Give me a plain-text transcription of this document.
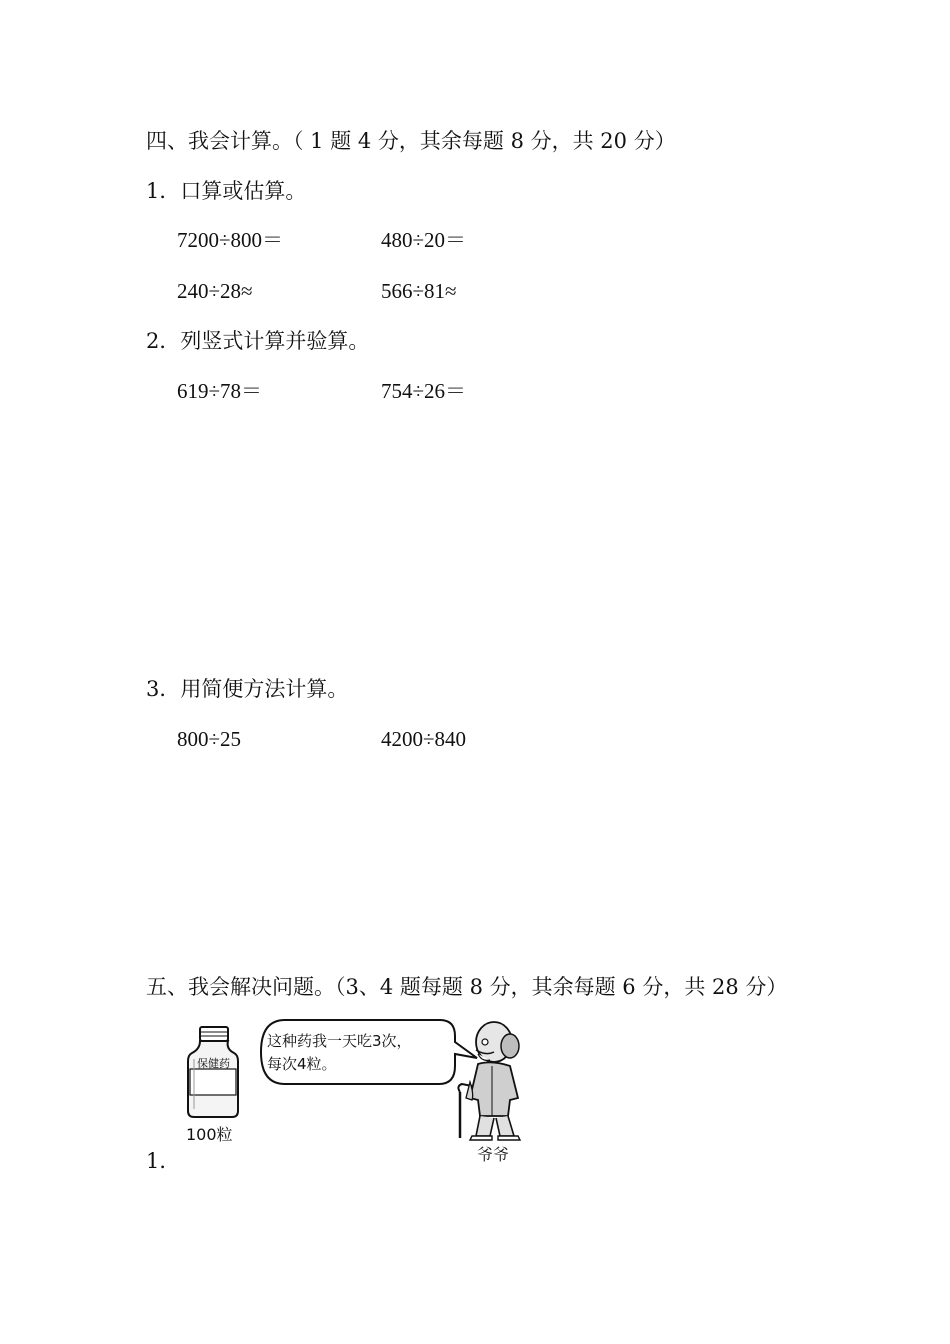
四、我会计算。（ 1 题 4 分，其余每题 8 分，共 20 分）
1．口算或估算。
7200÷800＝	480÷20＝
240÷28≈	566÷81≈
2．列竖式计算并验算。
619÷78＝	754÷26＝
3．用简便方法计算。
800÷25	4200÷840
五、我会解决问题。（3、4 题每题 8 分，其余每题 6 分，共 28 分）
保健药
100粒
这种药我一天吃3次，
每次4粒。
爷爷
1．
